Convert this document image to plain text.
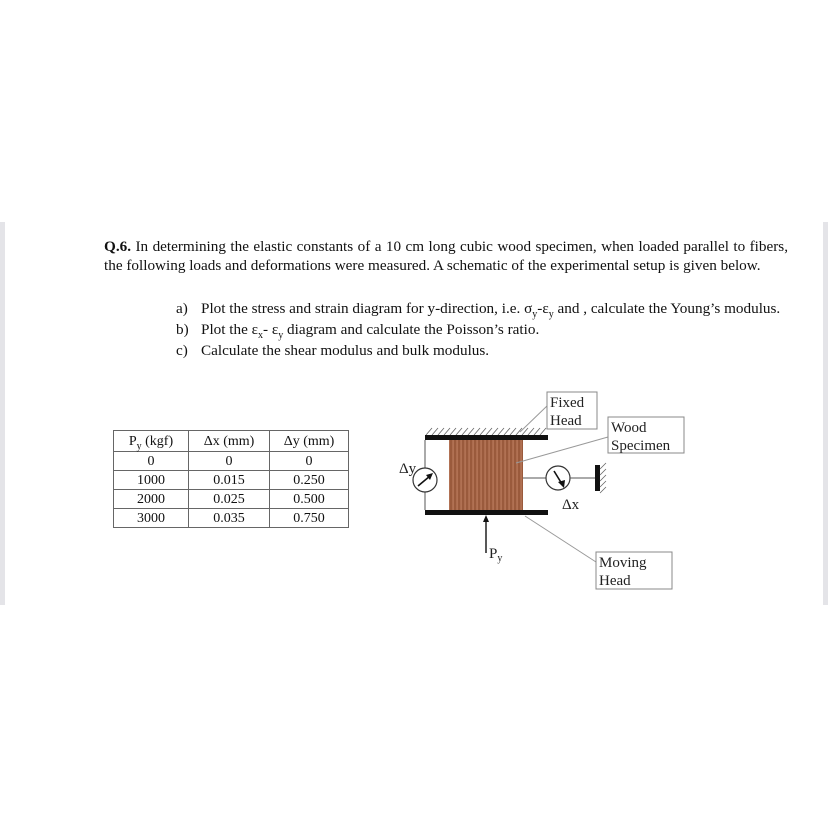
Q.6. In determining the elastic constants of a 10 cm long cubic wood specimen, when loaded parallel to fibers, the following loads and deformations were measured. A schematic of the experimental setup is given below.
a) Plot the stress and strain diagram for y-direction, i.e. $\sigma_y-\varepsilon_y$ and , calculate the Young’s modulus.
b) Plot the $\varepsilon_x-$ $\varepsilon_y$ diagram and calculate the Poisson’s ratio.
c) Calculate the shear modulus and bulk modulus.
$P_y$ (kgf)	Δx (mm)	Δy (mm)
0	0	0
1000	0.015	0.250
2000	0.025	0.500
3000	0.035	0.750
Δy
Δx
$P_y$
Fixed
Head Wood
Specimen
Moving
Head
